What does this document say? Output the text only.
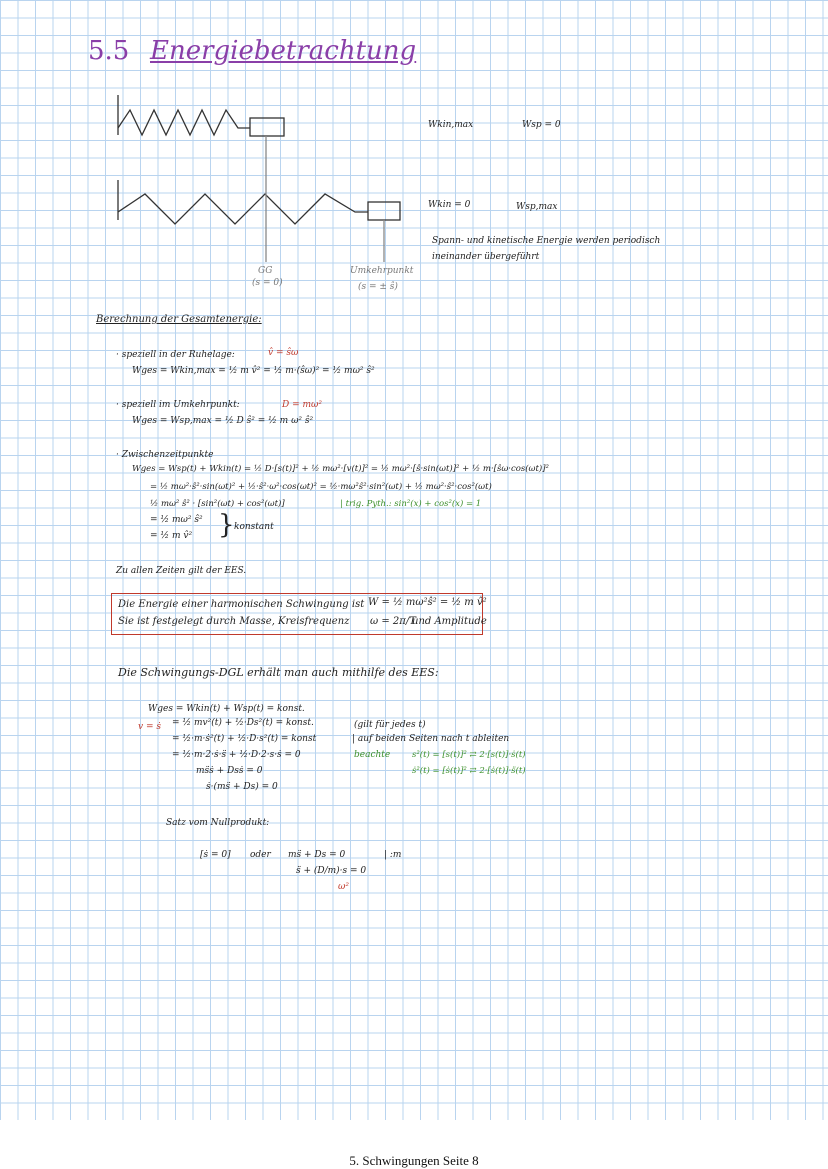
5.5 Energiebetrachtung
Wkin,max	Wsp = 0
Wkin = 0	Wsp,max
Spann- und kinetische Energie werden periodisch
ineinander übergeführt
GG
(s = 0)
Umkehrpunkt
(s = ± ŝ)
Berechnung der Gesamtenergie:
· speziell in der Ruhelage:	v̂ = ŝω
Wges = Wkin,max = ½ m v̂² = ½ m·(ŝω)² = ½ mω² ŝ²
· speziell im Umkehrpunkt:	D = mω²
Wges = Wsp,max = ½ D ŝ² = ½ m ω² ŝ²
· Zwischenzeitpunkte
Wges = Wsp(t) + Wkin(t) = ½ D·[s(t)]² + ½ mω²·[v(t)]² = ½ mω²·[ŝ·sin(ωt)]² + ½ m·[ŝω·cos(ωt)]²
= ½ mω²·ŝ²·sin(ωt)² + ½·ŝ²·ω²·cos(ωt)² = ½·mω²ŝ²·sin²(ωt) + ½ mω²·ŝ²·cos²(ωt)
½ mω² ŝ² · [sin²(ωt) + cos²(ωt)]	| trig. Pyth.: sin²(x) + cos²(x) = 1
= ½ mω² ŝ²
= ½ m v̂² } konstant
Zu allen Zeiten gilt der EES.
Die Energie einer harmonischen Schwingung ist W = ½ mω²ŝ² = ½ m v̂²
Sie ist festgelegt durch Masse, Kreisfrequenz ω = 2π/T
und Amplitude
Die Schwingungs-DGL erhält man auch mithilfe des EES:
Wges = Wkin(t) + Wsp(t) = konst.
v = ṡ = ½ mv²(t) + ½·Ds²(t) = konst.
= ½·m·ṡ²(t) + ½·D·s²(t) = konst
= ½·m·2·ṡ·s̈ + ½·D·2·s·ṡ = 0
ms̈ṡ + Dsṡ = 0
ṡ·(ms̈ + Ds) = 0
(gilt für jedes t)
| auf beiden Seiten nach t ableiten
beachte	s²(t) = [s(t)]² ⇄ 2·[s(t)]·ṡ(t)
ṡ²(t) = [ṡ(t)]² ⇄ 2·[ṡ(t)]·s̈(t)
Satz vom Nullprodukt:
[ṡ = 0] oder ms̈ + Ds = 0	| :m
s̈ + (D/m)·s = 0
ω²
5. Schwingungen Seite 8
